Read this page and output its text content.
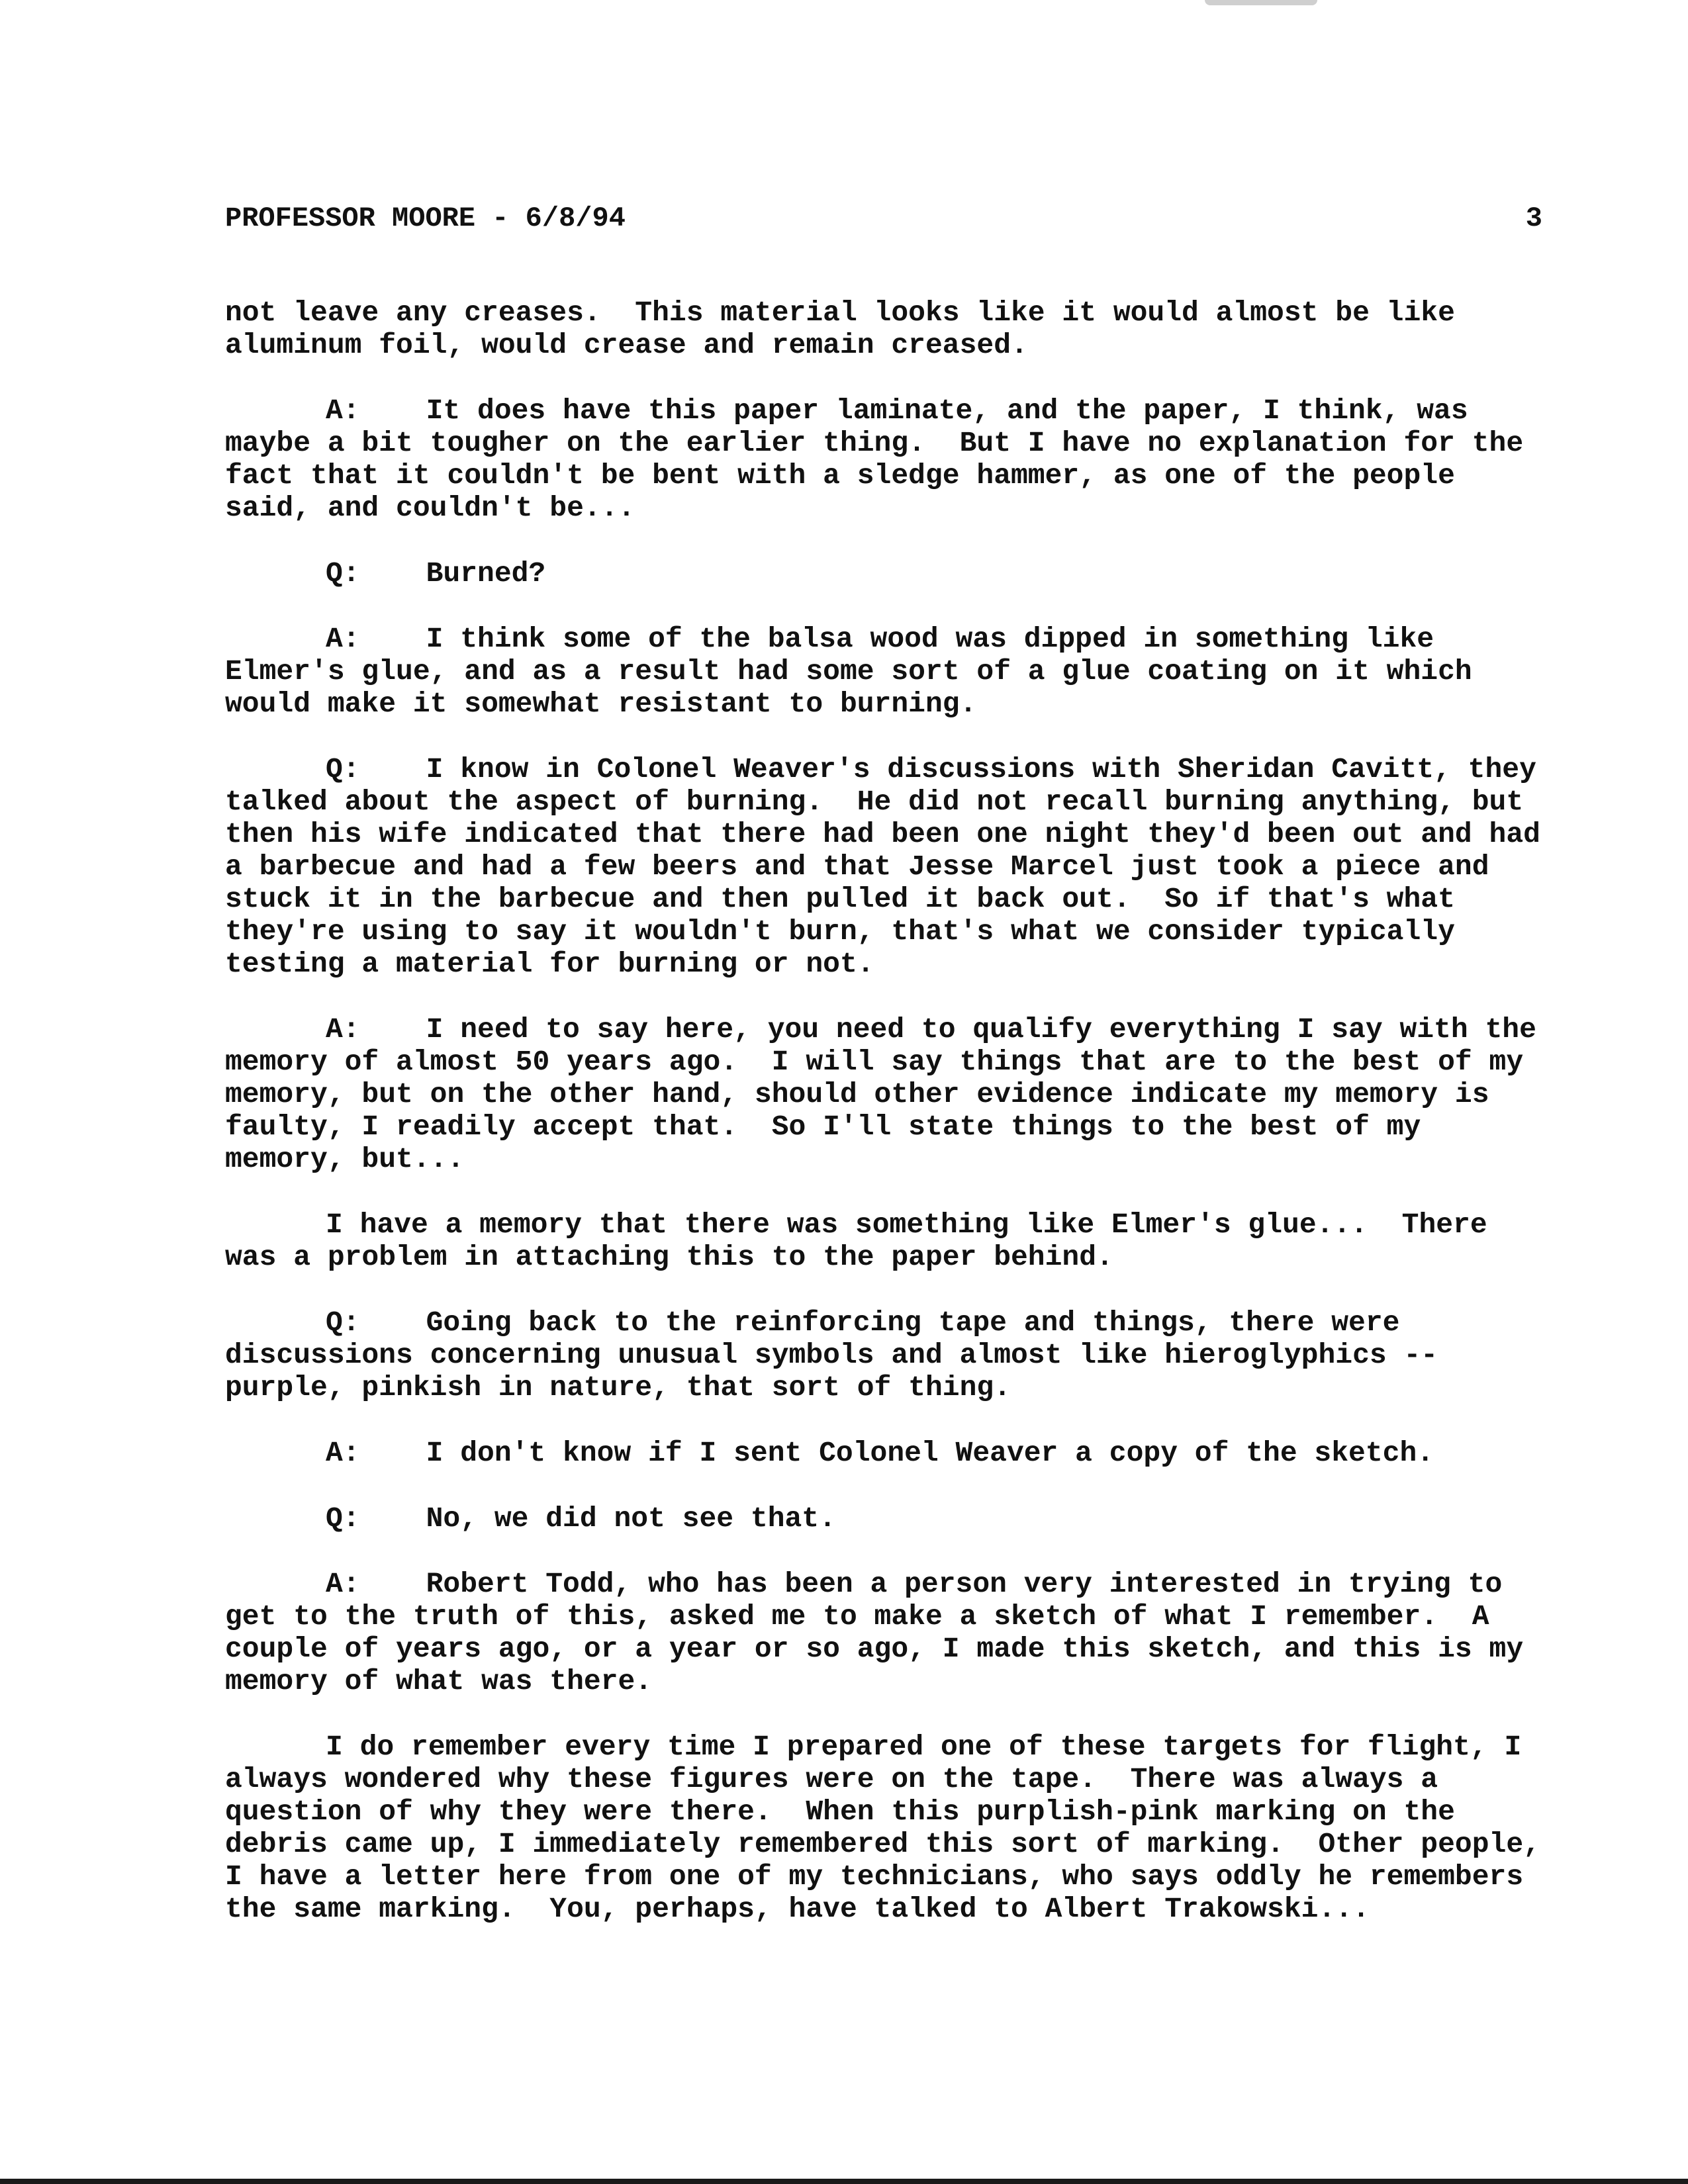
PROFESSOR MOORE - 6/8/94	3

not leave any creases.  This material looks like it would almost be like aluminum foil, would crease and remain creased.

A: It does have this paper laminate, and the paper, I think, was maybe a bit tougher on the earlier thing.  But I have no explanation for the fact that it couldn't be bent with a sledge hammer, as one of the people said, and couldn't be...

Q: Burned?

A: I think some of the balsa wood was dipped in something like Elmer's glue, and as a result had some sort of a glue coating on it which would make it somewhat resistant to burning.

Q: I know in Colonel Weaver's discussions with Sheridan Cavitt, they talked about the aspect of burning.  He did not recall burning anything, but then his wife indicated that there had been one night they'd been out and had a barbecue and had a few beers and that Jesse Marcel just took a piece and stuck it in the barbecue and then pulled it back out.  So if that's what they're using to say it wouldn't burn, that's what we consider typically testing a material for burning or not.

A: I need to say here, you need to qualify everything I say with the memory of almost 50 years ago.  I will say things that are to the best of my memory, but on the other hand, should other evidence indicate my memory is faulty, I readily accept that.  So I'll state things to the best of my memory, but...

I have a memory that there was something like Elmer's glue...  There was a problem in attaching this to the paper behind.

Q: Going back to the reinforcing tape and things, there were discussions concerning unusual symbols and almost like hieroglyphics -- purple, pinkish in nature, that sort of thing.

A: I don't know if I sent Colonel Weaver a copy of the sketch.

Q: No, we did not see that.

A: Robert Todd, who has been a person very interested in trying to get to the truth of this, asked me to make a sketch of what I remember.  A couple of years ago, or a year or so ago, I made this sketch, and this is my memory of what was there.

I do remember every time I prepared one of these targets for flight, I always wondered why these figures were on the tape.  There was always a question of why they were there.  When this purplish-pink marking on the debris came up, I immediately remembered this sort of marking.  Other people, I have a letter here from one of my technicians, who says oddly he remembers the same marking.  You, perhaps, have talked to Albert Trakowski...
